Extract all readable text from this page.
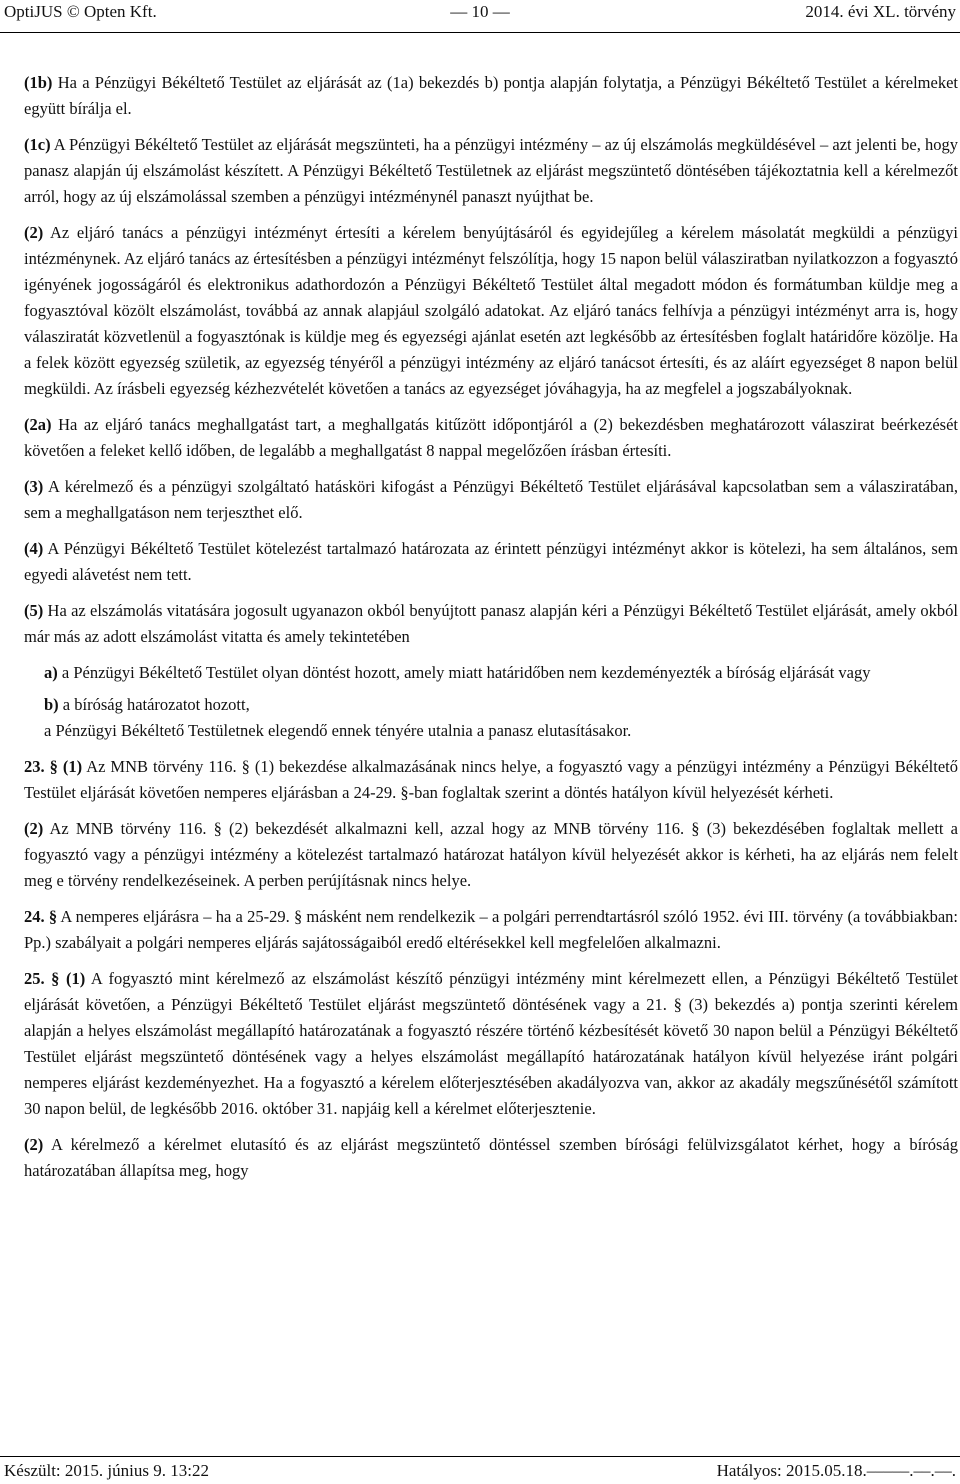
OptiJUS © Opten Kft.	— 10 —	2014. évi XL. törvény

(1b) Ha a Pénzügyi Békéltető Testület az eljárását az (1a) bekezdés b) pontja alapján folytatja, a Pénzügyi Békéltető Testület a kérelmeket együtt bírálja el.

(1c) A Pénzügyi Békéltető Testület az eljárását megszünteti, ha a pénzügyi intézmény – az új elszámolás megküldésével – azt jelenti be, hogy panasz alapján új elszámolást készített. A Pénzügyi Békéltető Testületnek az eljárást megszüntető döntésében tájékoztatnia kell a kérelmezőt arról, hogy az új elszámolással szemben a pénzügyi intézménynél panaszt nyújthat be.

(2) Az eljáró tanács a pénzügyi intézményt értesíti a kérelem benyújtásáról és egyidejűleg a kérelem másolatát megküldi a pénzügyi intézménynek. Az eljáró tanács az értesítésben a pénzügyi intézményt felszólítja, hogy 15 napon belül válasziratban nyilatkozzon a fogyasztó igényének jogosságáról és elektronikus adathordozón a Pénzügyi Békéltető Testület által megadott módon és formátumban küldje meg a fogyasztóval közölt elszámolást, továbbá az annak alapjául szolgáló adatokat. Az eljáró tanács felhívja a pénzügyi intézményt arra is, hogy válasziratát közvetlenül a fogyasztónak is küldje meg és egyezségi ajánlat esetén azt legkésőbb az értesítésben foglalt határidőre közölje. Ha a felek között egyezség születik, az egyezség tényéről a pénzügyi intézmény az eljáró tanácsot értesíti, és az aláírt egyezséget 8 napon belül megküldi. Az írásbeli egyezség kézhezvételét követően a tanács az egyezséget jóváhagyja, ha az megfelel a jogszabályoknak.

(2a) Ha az eljáró tanács meghallgatást tart, a meghallgatás kitűzött időpontjáról a (2) bekezdésben meghatározott válaszirat beérkezését követően a feleket kellő időben, de legalább a meghallgatást 8 nappal megelőzően írásban értesíti.

(3) A kérelmező és a pénzügyi szolgáltató hatásköri kifogást a Pénzügyi Békéltető Testület eljárásával kapcsolatban sem a válasziratában, sem a meghallgatáson nem terjeszthet elő.

(4) A Pénzügyi Békéltető Testület kötelezést tartalmazó határozata az érintett pénzügyi intézményt akkor is kötelezi, ha sem általános, sem egyedi alávetést nem tett.

(5) Ha az elszámolás vitatására jogosult ugyanazon okból benyújtott panasz alapján kéri a Pénzügyi Békéltető Testület eljárását, amely okból már más az adott elszámolást vitatta és amely tekintetében

a) a Pénzügyi Békéltető Testület olyan döntést hozott, amely miatt határidőben nem kezdeményezték a bíróság eljárását vagy

b) a bíróság határozatot hozott,

a Pénzügyi Békéltető Testületnek elegendő ennek tényére utalnia a panasz elutasításakor.

23. § (1) Az MNB törvény 116. § (1) bekezdése alkalmazásának nincs helye, a fogyasztó vagy a pénzügyi intézmény a Pénzügyi Békéltető Testület eljárását követően nemperes eljárásban a 24-29. §-ban foglaltak szerint a döntés hatályon kívül helyezését kérheti.

(2) Az MNB törvény 116. § (2) bekezdését alkalmazni kell, azzal hogy az MNB törvény 116. § (3) bekezdésében foglaltak mellett a fogyasztó vagy a pénzügyi intézmény a kötelezést tartalmazó határozat hatályon kívül helyezését akkor is kérheti, ha az eljárás nem felelt meg e törvény rendelkezéseinek. A perben perújításnak nincs helye.

24. § A nemperes eljárásra – ha a 25-29. § másként nem rendelkezik – a polgári perrendtartásról szóló 1952. évi III. törvény (a továbbiakban: Pp.) szabályait a polgári nemperes eljárás sajátosságaiból eredő eltérésekkel kell megfelelően alkalmazni.

25. § (1) A fogyasztó mint kérelmező az elszámolást készítő pénzügyi intézmény mint kérelmezett ellen, a Pénzügyi Békéltető Testület eljárását követően, a Pénzügyi Békéltető Testület eljárást megszüntető döntésének vagy a 21. § (3) bekezdés a) pontja szerinti kérelem alapján a helyes elszámolást megállapító határozatának a fogyasztó részére történő kézbesítését követő 30 napon belül a Pénzügyi Békéltető Testület eljárást megszüntető döntésének vagy a helyes elszámolást megállapító határozatának hatályon kívül helyezése iránt polgári nemperes eljárást kezdeményezhet. Ha a fogyasztó a kérelem előterjesztésében akadályozva van, akkor az akadály megszűnésétől számított 30 napon belül, de legkésőbb 2016. október 31. napjáig kell a kérelmet előterjesztenie.

(2) A kérelmező a kérelmet elutasító és az eljárást megszüntető döntéssel szemben bírósági felülvizsgálatot kérhet, hogy a bíróság határozatában állapítsa meg, hogy

Készült: 2015. június 9. 13:22	Hatályos: 2015.05.18.–––––.––.––.
